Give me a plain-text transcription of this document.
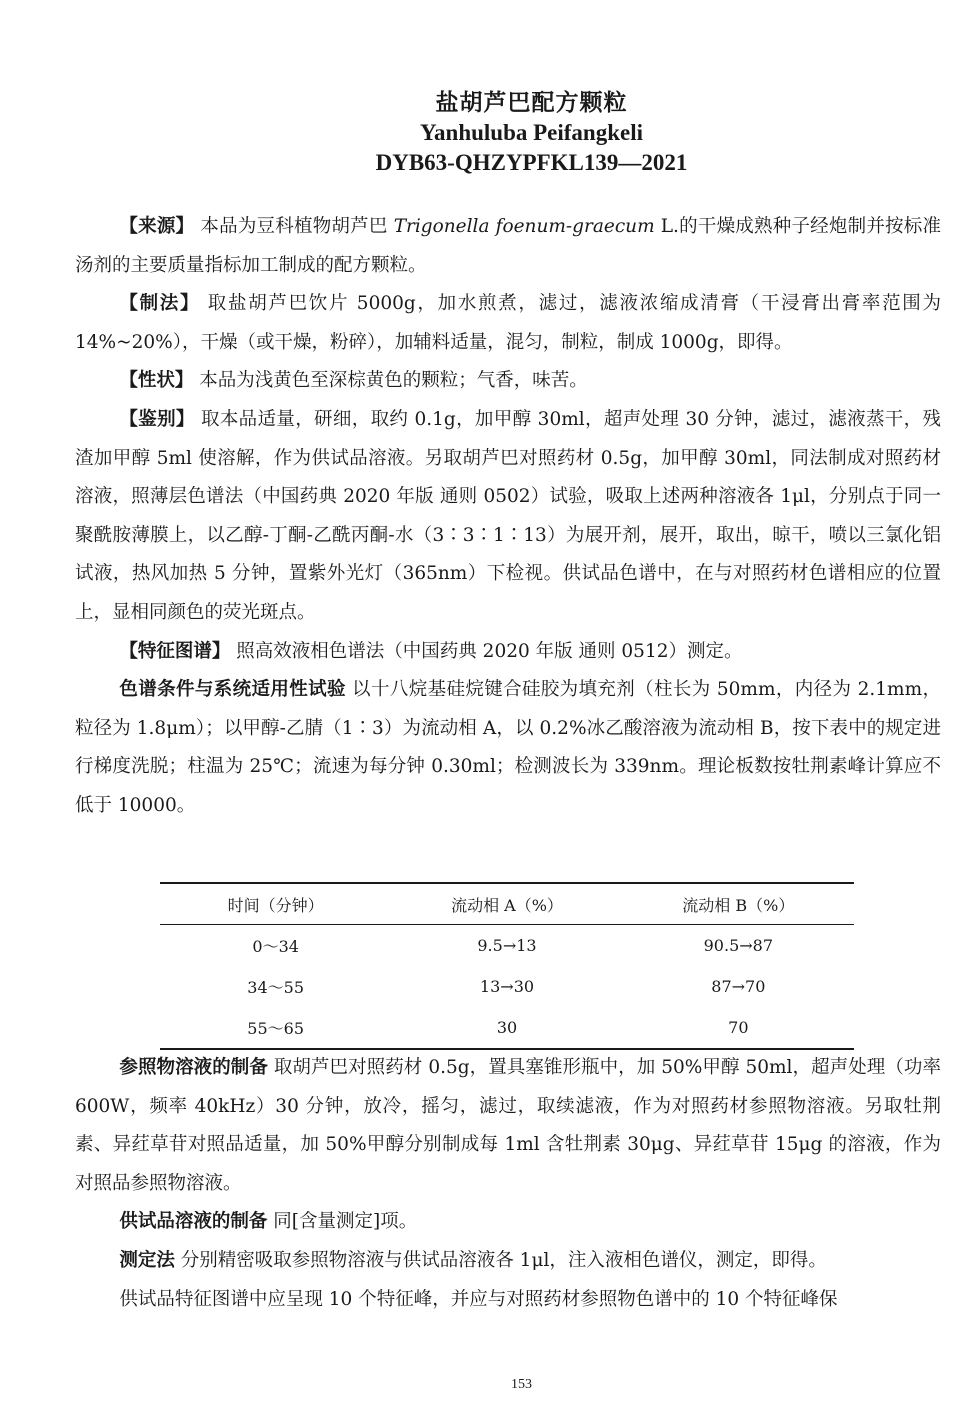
盐胡芦巴配方颗粒
Yanhuluba Peifangkeli
DYB63-QHZYPFKL139—2021

【来源】 本品为豆科植物胡芦巴 Trigonella foenum-graecum L.的干燥成熟种子经炮制并按标准汤剂的主要质量指标加工制成的配方颗粒。

【制法】 取盐胡芦巴饮片 5000g，加水煎煮，滤过，滤液浓缩成清膏（干浸膏出膏率范围为 14%~20%），干燥（或干燥，粉碎），加辅料适量，混匀，制粒，制成 1000g，即得。

【性状】 本品为浅黄色至深棕黄色的颗粒；气香，味苦。

【鉴别】 取本品适量，研细，取约 0.1g，加甲醇 30ml，超声处理 30 分钟，滤过，滤液蒸干，残渣加甲醇 5ml 使溶解，作为供试品溶液。另取胡芦巴对照药材 0.5g，加甲醇 30ml，同法制成对照药材溶液，照薄层色谱法（中国药典 2020 年版 通则 0502）试验，吸取上述两种溶液各 1μl，分别点于同一聚酰胺薄膜上，以乙醇-丁酮-乙酰丙酮-水（3∶3∶1∶13）为展开剂，展开，取出，晾干，喷以三氯化铝试液，热风加热 5 分钟，置紫外光灯（365nm）下检视。供试品色谱中，在与对照药材色谱相应的位置上，显相同颜色的荧光斑点。

【特征图谱】 照高效液相色谱法（中国药典 2020 年版 通则 0512）测定。

色谱条件与系统适用性试验 以十八烷基硅烷键合硅胶为填充剂（柱长为 50mm，内径为 2.1mm，粒径为 1.8μm）；以甲醇-乙腈（1∶3）为流动相 A，以 0.2%冰乙酸溶液为流动相 B，按下表中的规定进行梯度洗脱；柱温为 25℃；流速为每分钟 0.30ml；检测波长为 339nm。理论板数按牡荆素峰计算应不低于 10000。

时间（分钟）	流动相 A（%）	流动相 B（%）
0～34	9.5→13	90.5→87
34～55	13→30	87→70
55～65	30	70

参照物溶液的制备 取胡芦巴对照药材 0.5g，置具塞锥形瓶中，加 50%甲醇 50ml，超声处理（功率 600W，频率 40kHz）30 分钟，放冷，摇匀，滤过，取续滤液，作为对照药材参照物溶液。另取牡荆素、异荭草苷对照品适量，加 50%甲醇分别制成每 1ml 含牡荆素 30μg、异荭草苷 15μg 的溶液，作为对照品参照物溶液。

供试品溶液的制备 同[含量测定]项。

测定法 分别精密吸取参照物溶液与供试品溶液各 1μl，注入液相色谱仪，测定，即得。

供试品特征图谱中应呈现 10 个特征峰，并应与对照药材参照物色谱中的 10 个特征峰保

153
